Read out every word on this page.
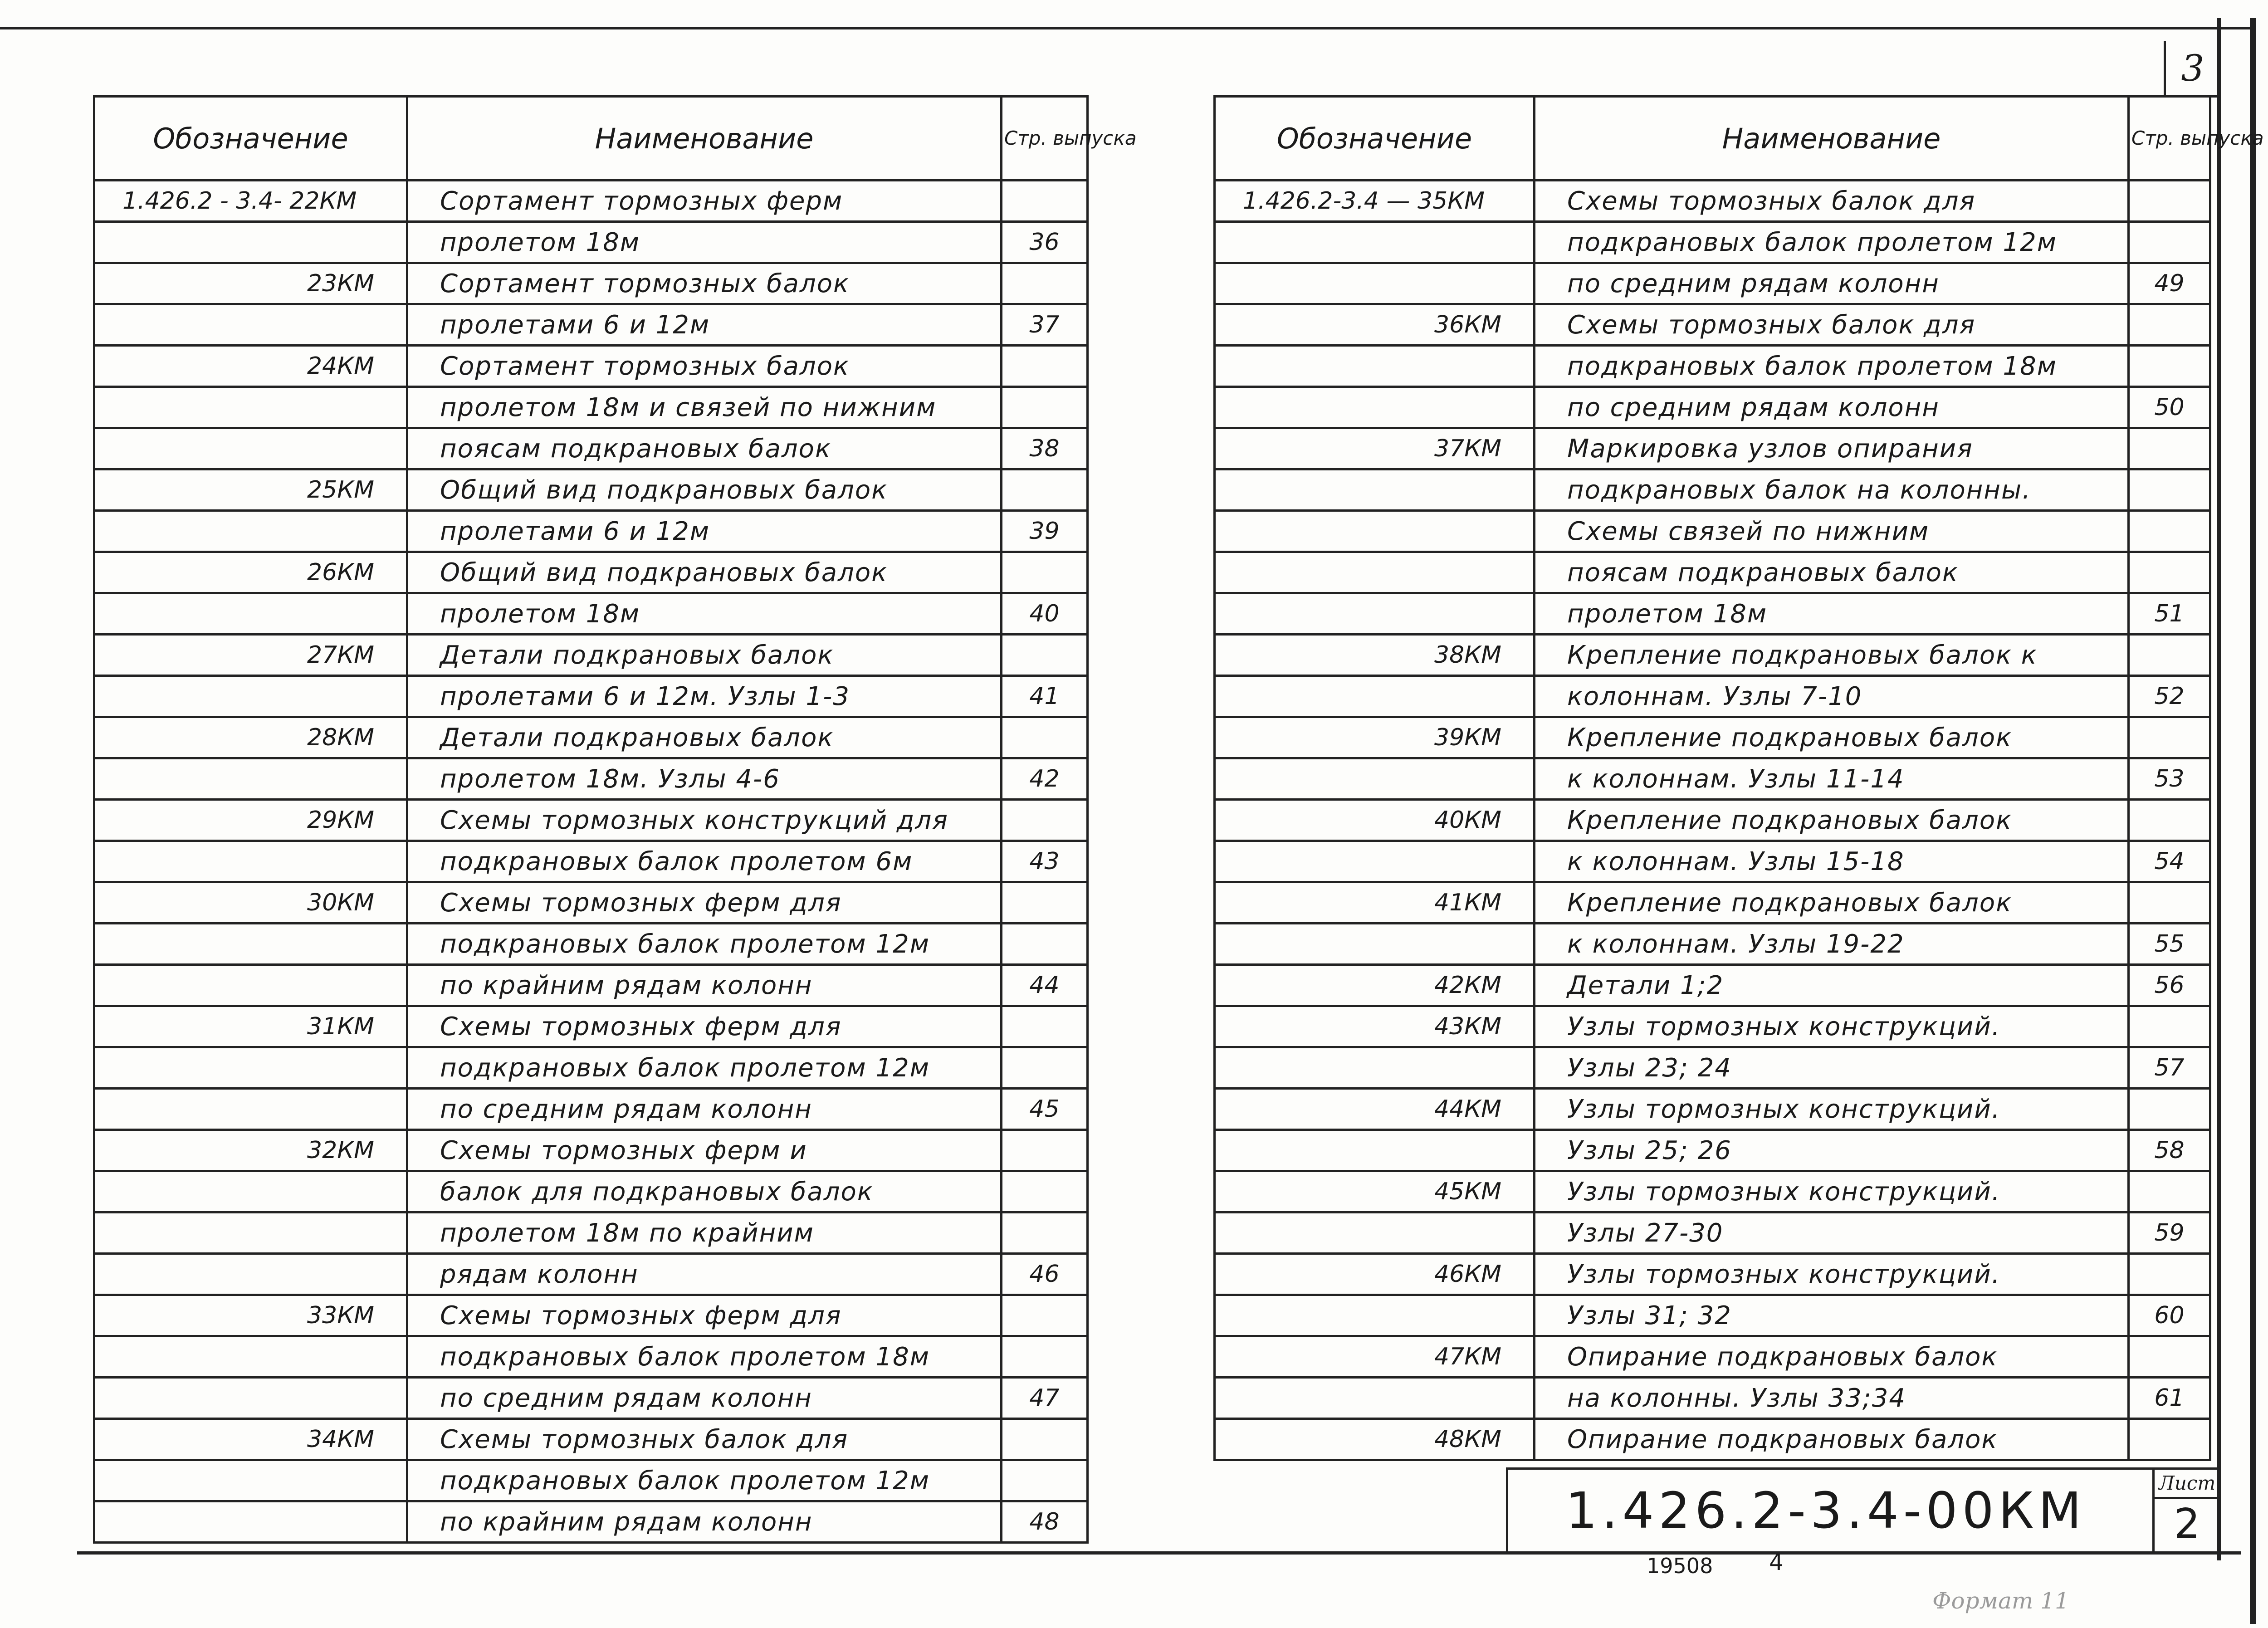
3
Обозначение	Наименование	Стр. выпуска
1.426.2 - 3.4- 22КМ	Сортамент тормозных ферм	
	пролетом 18м	36
23КМ	Сортамент тормозных балок	
	пролетами 6 и 12м	37
24КМ	Сортамент тормозных балок	
	пролетом 18м и связей по нижним	
	поясам подкрановых балок	38
25КМ	Общий вид подкрановых балок	
	пролетами 6 и 12м	39
26КМ	Общий вид подкрановых балок	
	пролетом 18м	40
27КМ	Детали подкрановых балок	
	пролетами 6 и 12м. Узлы 1-3	41
28КМ	Детали подкрановых балок	
	пролетом 18м. Узлы 4-6	42
29КМ	Схемы тормозных конструкций для	
	подкрановых балок пролетом 6м	43
30КМ	Схемы тормозных ферм для	
	подкрановых балок пролетом 12м	
	по крайним рядам колонн	44
31КМ	Схемы тормозных ферм для	
	подкрановых балок пролетом 12м	
	по средним рядам колонн	45
32КМ	Схемы тормозных ферм и	
	балок для подкрановых балок	
	пролетом 18м по крайним	
	рядам колонн	46
33КМ	Схемы тормозных ферм для	
	подкрановых балок пролетом 18м	
	по средним рядам колонн	47
34КМ	Схемы тормозных балок для	
	подкрановых балок пролетом 12м	
	по крайним рядам колонн	48
Обозначение	Наименование	Стр. выпуска
1.426.2-3.4 — 35КМ	Схемы тормозных балок для	
	подкрановых балок пролетом 12м	
	по средним рядам колонн	49
36КМ	Схемы тормозных балок для	
	подкрановых балок пролетом 18м	
	по средним рядам колонн	50
37КМ	Маркировка узлов опирания	
	подкрановых балок на колонны.	
	Схемы связей по нижним	
	поясам подкрановых балок	
	пролетом 18м	51
38КМ	Крепление подкрановых балок к	
	колоннам. Узлы 7-10	52
39КМ	Крепление подкрановых балок	
	к колоннам. Узлы 11-14	53
40КМ	Крепление подкрановых балок	
	к колоннам. Узлы 15-18	54
41КМ	Крепление подкрановых балок	
	к колоннам. Узлы 19-22	55
42КМ	Детали 1;2	56
43КМ	Узлы тормозных конструкций.	
	Узлы 23; 24	57
44КМ	Узлы тормозных конструкций.	
	Узлы 25; 26	58
45КМ	Узлы тормозных конструкций.	
	Узлы 27-30	59
46КМ	Узлы тормозных конструкций.	
	Узлы 31; 32	60
47КМ	Опирание подкрановых балок	
	на колонны. Узлы 33;34	61
48КМ	Опирание подкрановых балок	
1.426.2-3.4-00КМ	Лист
2
19508 4
Формат 11
